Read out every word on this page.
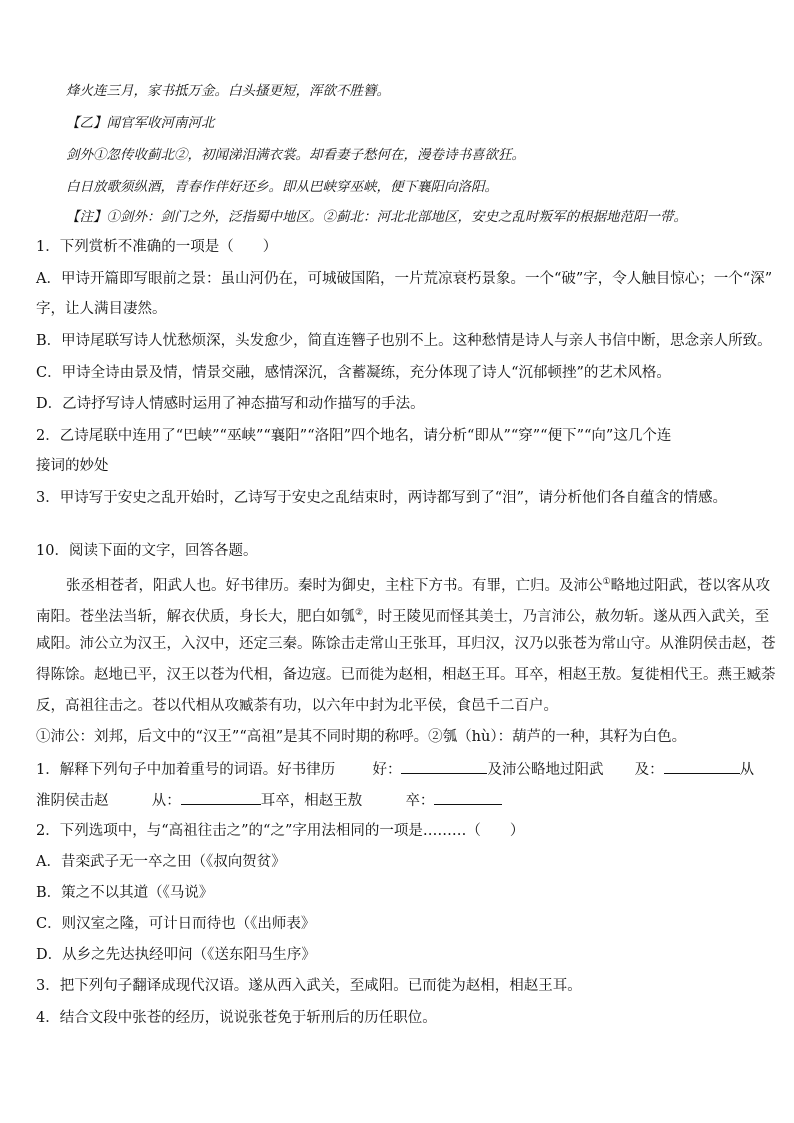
烽火连三月，家书抵万金。白头搔更短，浑欲不胜簪。
【乙】闻官军收河南河北
剑外①忽传收蓟北②，初闻涕泪满衣裳。却看妻子愁何在，漫卷诗书喜欲狂。
白日放歌须纵酒，青春作伴好还乡。即从巴峡穿巫峡，便下襄阳向洛阳。
【注】①剑外：剑门之外，泛指蜀中地区。②蓟北：河北北部地区，安史之乱时叛军的根据地范阳一带。
1．下列赏析不准确的一项是（　　）
A．甲诗开篇即写眼前之景：虽山河仍在，可城破国陷，一片荒凉衰朽景象。一个“破”字，令人触目惊心；一个“深”
字，让人满目凄然。
B．甲诗尾联写诗人忧愁烦深，头发愈少，简直连簪子也别不上。这种愁情是诗人与亲人书信中断，思念亲人所致。
C．甲诗全诗由景及情，情景交融，感情深沉，含蓄凝练，充分体现了诗人“沉郁顿挫”的艺术风格。
D．乙诗抒写诗人情感时运用了神态描写和动作描写的手法。
2．乙诗尾联中连用了“巴峡”“巫峡”“襄阳”“洛阳”四个地名，请分析“即从”“穿”“便下”“向”这几个连
接词的妙处
3．甲诗写于安史之乱开始时，乙诗写于安史之乱结束时，两诗都写到了“泪”，请分析他们各自蕴含的情感。
10．阅读下面的文字，回答各题。
张丞相苍者，阳武人也。好书律历。秦时为御史，主柱下方书。有罪，亡归。及沛公①略地过阳武，苍以客从攻
南阳。苍坐法当斩，解衣伏质，身长大，肥白如瓠②，时王陵见而怪其美士，乃言沛公，赦勿斩。遂从西入武关，至
咸阳。沛公立为汉王，入汉中，还定三秦。陈馀击走常山王张耳，耳归汉，汉乃以张苍为常山守。从淮阴侯击赵，苍
得陈馀。赵地已平，汉王以苍为代相，备边寇。已而徙为赵相，相赵王耳。耳卒，相赵王敖。复徙相代王。燕王臧荼
反，高祖往击之。苍以代相从攻臧荼有功，以六年中封为北平侯，食邑千二百户。
①沛公：刘邦，后文中的“汉王”“高祖”是其不同时期的称呼。②瓠（hù）：葫芦的一种，其籽为白色。
1．解释下列句子中加着重号的词语。好书律历	好：	及沛公略地过阳武 及：	从
淮阴侯击赵	从：	耳卒，相赵王敖	卒：
2．下列选项中，与“高祖往击之”的“之”字用法相同的一项是………（　　）
A．昔栾武子无一卒之田（《叔向贺贫》
B．策之不以其道（《马说》
C．则汉室之隆，可计日而待也（《出师表》
D．从乡之先达执经叩问（《送东阳马生序》
3．把下列句子翻译成现代汉语。遂从西入武关，至咸阳。已而徙为赵相，相赵王耳。
4．结合文段中张苍的经历，说说张苍免于斩刑后的历任职位。
